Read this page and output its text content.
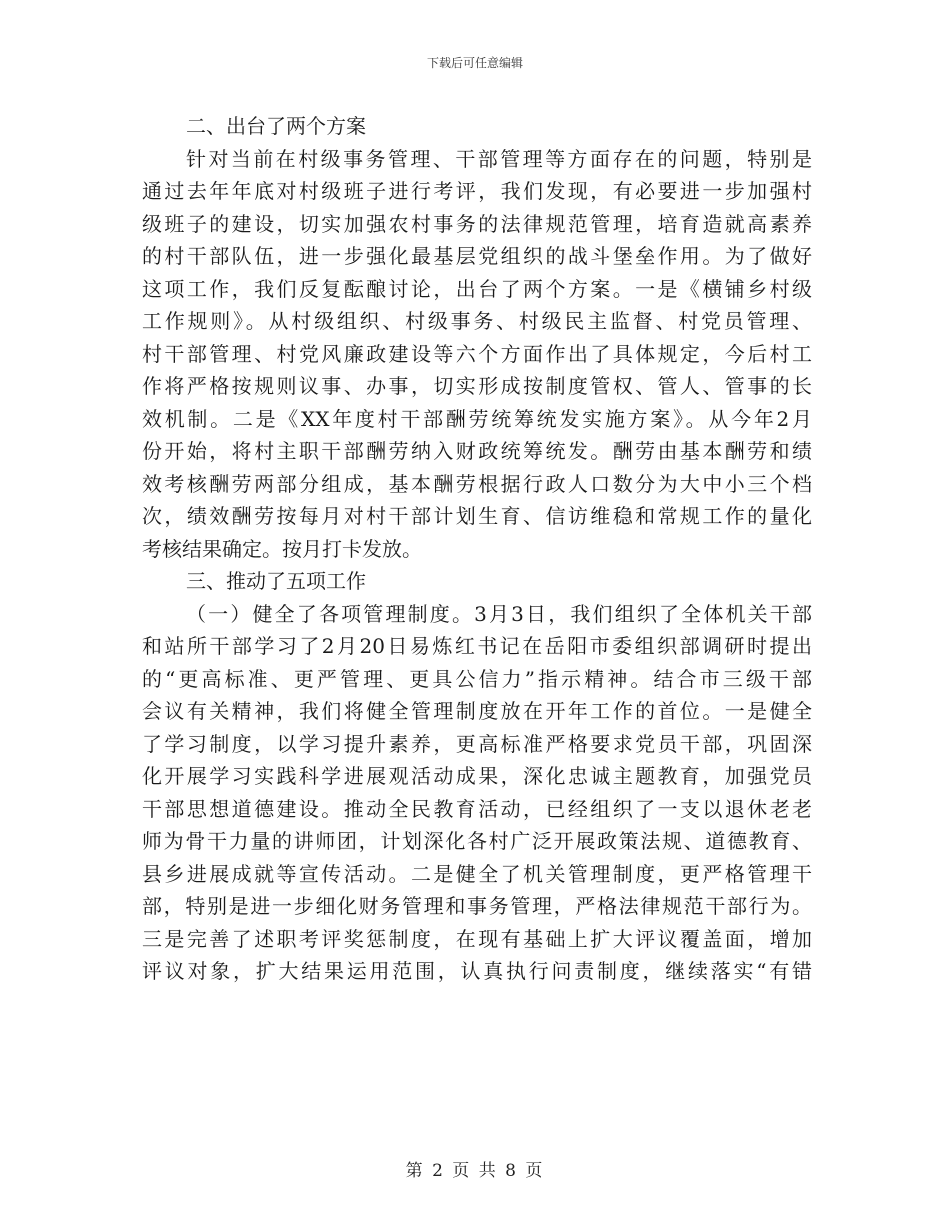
下载后可任意编辑
二、出台了两个方案
针对当前在村级事务管理、干部管理等方面存在的问题，特别是
通过去年年底对村级班子进行考评，我们发现，有必要进一步加强村
级班子的建设，切实加强农村事务的法律规范管理，培育造就高素养
的村干部队伍，进一步强化最基层党组织的战斗堡垒作用。为了做好
这项工作，我们反复酝酿讨论，出台了两个方案。一是《横铺乡村级
工作规则》。从村级组织、村级事务、村级民主监督、村党员管理、
村干部管理、村党风廉政建设等六个方面作出了具体规定，今后村工
作将严格按规则议事、办事，切实形成按制度管权、管人、管事的长
效机制。二是《XX年度村干部酬劳统筹统发实施方案》。从今年2月
份开始，将村主职干部酬劳纳入财政统筹统发。酬劳由基本酬劳和绩
效考核酬劳两部分组成，基本酬劳根据行政人口数分为大中小三个档
次，绩效酬劳按每月对村干部计划生育、信访维稳和常规工作的量化
考核结果确定。按月打卡发放。
三、推动了五项工作
（一）健全了各项管理制度。3月3日，我们组织了全体机关干部
和站所干部学习了2月20日易炼红书记在岳阳市委组织部调研时提出
的“更高标准、更严管理、更具公信力”指示精神。结合市三级干部
会议有关精神，我们将健全管理制度放在开年工作的首位。一是健全
了学习制度，以学习提升素养，更高标准严格要求党员干部，巩固深
化开展学习实践科学进展观活动成果，深化忠诚主题教育，加强党员
干部思想道德建设。推动全民教育活动，已经组织了一支以退休老老
师为骨干力量的讲师团，计划深化各村广泛开展政策法规、道德教育、
县乡进展成就等宣传活动。二是健全了机关管理制度，更严格管理干
部，特别是进一步细化财务管理和事务管理，严格法律规范干部行为。
三是完善了述职考评奖惩制度，在现有基础上扩大评议覆盖面，增加
评议对象，扩大结果运用范围，认真执行问责制度，继续落实“有错
第 2 页 共 8 页
